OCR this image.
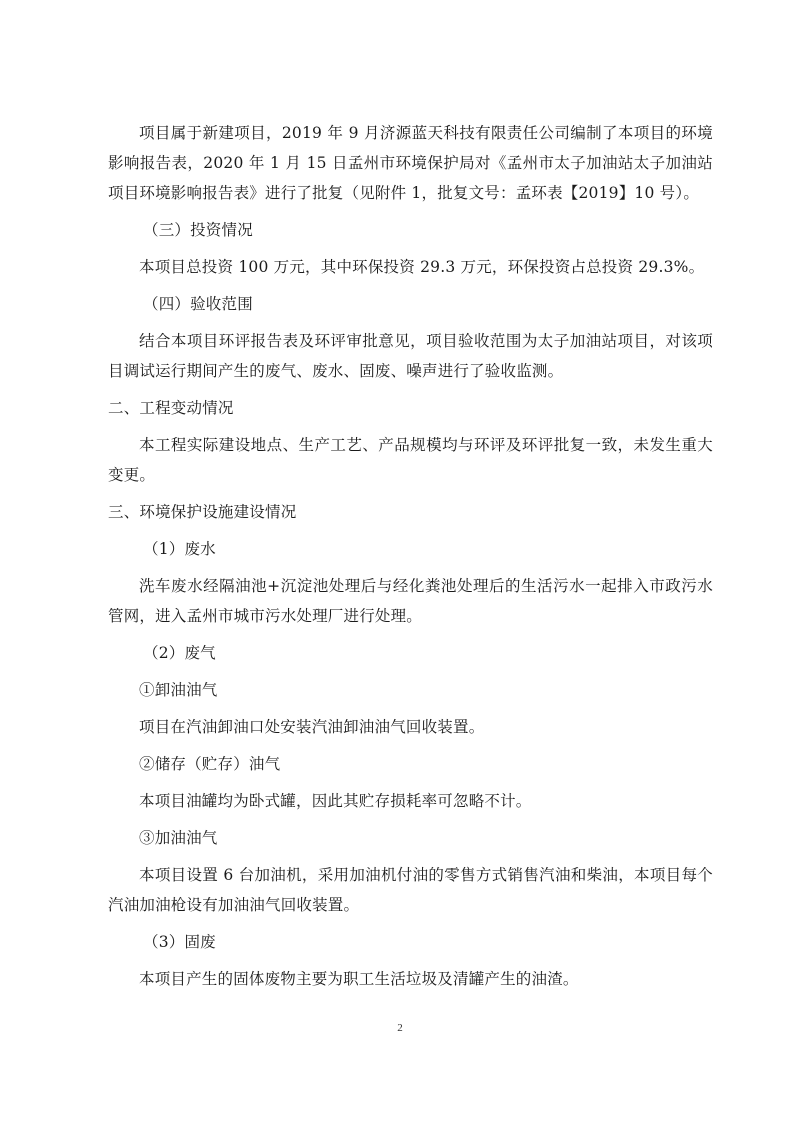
项目属于新建项目，2019 年 9 月济源蓝天科技有限责任公司编制了本项目的环境影响报告表，2020 年 1 月 15 日孟州市环境保护局对《孟州市太子加油站太子加油站项目环境影响报告表》进行了批复（见附件 1，批复文号：孟环表【2019】10 号）。

（三）投资情况

本项目总投资 100 万元，其中环保投资 29.3 万元，环保投资占总投资 29.3%。

（四）验收范围

结合本项目环评报告表及环评审批意见，项目验收范围为太子加油站项目，对该项目调试运行期间产生的废气、废水、固废、噪声进行了验收监测。

二、工程变动情况

本工程实际建设地点、生产工艺、产品规模均与环评及环评批复一致，未发生重大变更。

三、环境保护设施建设情况

（1）废水

洗车废水经隔油池+沉淀池处理后与经化粪池处理后的生活污水一起排入市政污水管网，进入孟州市城市污水处理厂进行处理。

（2）废气

①卸油油气

项目在汽油卸油口处安装汽油卸油油气回收装置。

②储存（贮存）油气

本项目油罐均为卧式罐，因此其贮存损耗率可忽略不计。

③加油油气

本项目设置 6 台加油机，采用加油机付油的零售方式销售汽油和柴油，本项目每个汽油加油枪设有加油油气回收装置。

（3）固废

本项目产生的固体废物主要为职工生活垃圾及清罐产生的油渣。

2
